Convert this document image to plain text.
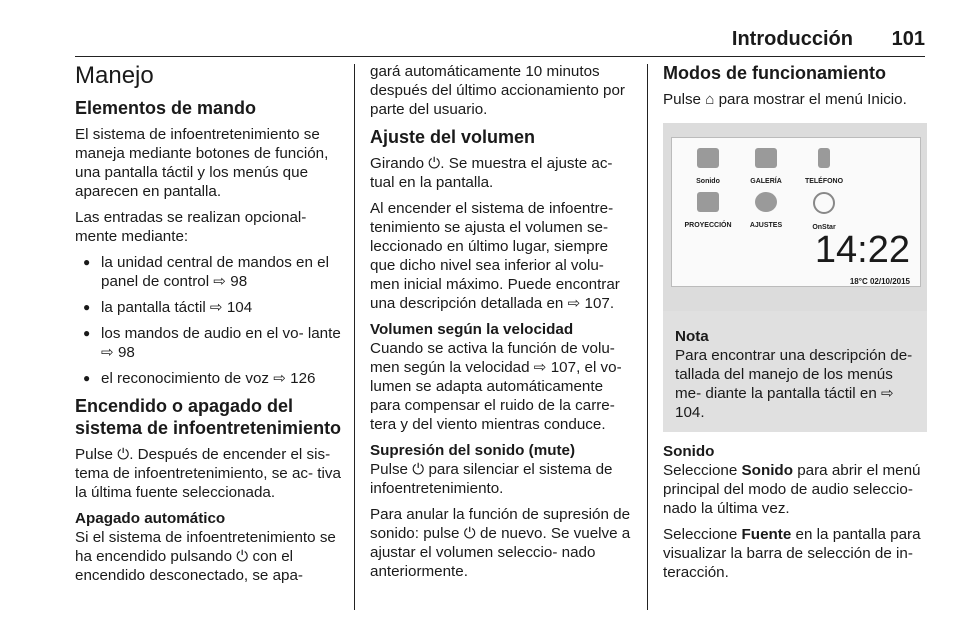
Introducción 101
Manejo
Elementos de mando

El sistema de infoentretenimiento se maneja mediante botones de función, una pantalla táctil y los menús que aparecen en pantalla.

Las entradas se realizan opcional- mente mediante:

● la unidad central de mandos en el panel de control ⇨ 98
● la pantalla táctil ⇨ 104
● los mandos de audio en el vo- lante ⇨ 98
● el reconocimiento de voz ⇨ 126
Encendido o apagado del sistema de infoentretenimiento

Pulse ⏻. Después de encender el sis- tema de infoentretenimiento, se ac- tiva la última fuente seleccionada.

Apagado automático

Si el sistema de infoentretenimiento se ha encendido pulsando ⏻ con el encendido desconectado, se apa-

gará automáticamente 10 minutos después del último accionamiento por parte del usuario.

Ajuste del volumen

Girando ⏻. Se muestra el ajuste ac- tual en la pantalla.

Al encender el sistema de infoentre- tenimiento se ajusta el volumen se- leccionado en último lugar, siempre que dicho nivel sea inferior al volu- men inicial máximo. Puede encontrar una descripción detallada en ⇨ 107.

Volumen según la velocidad

Cuando se activa la función de volu- men según la velocidad ⇨ 107, el vo- lumen se adapta automáticamente para compensar el ruido de la carre- tera y del viento mientras conduce.

Supresión del sonido (mute)

Pulse ⏻ para silenciar el sistema de infoentretenimiento.

Para anular la función de supresión de sonido: pulse ⏻ de nuevo. Se vuelve a ajustar el volumen seleccio- nado anteriormente.

Modos de funcionamiento

Pulse ⌂ para mostrar el menú Inicio.

Sonido	GALERÍA	TELÉFONO
PROYECCIÓN	AJUSTES	OnStar
14:22
18°C 02/10/2015
Nota

Para encontrar una descripción de- tallada del manejo de los menús me- diante la pantalla táctil en ⇨ 104.

Sonido

Seleccione Sonido para abrir el menú principal del modo de audio seleccio- nado la última vez.

Seleccione Fuente en la pantalla para visualizar la barra de selección de in- teracción.
